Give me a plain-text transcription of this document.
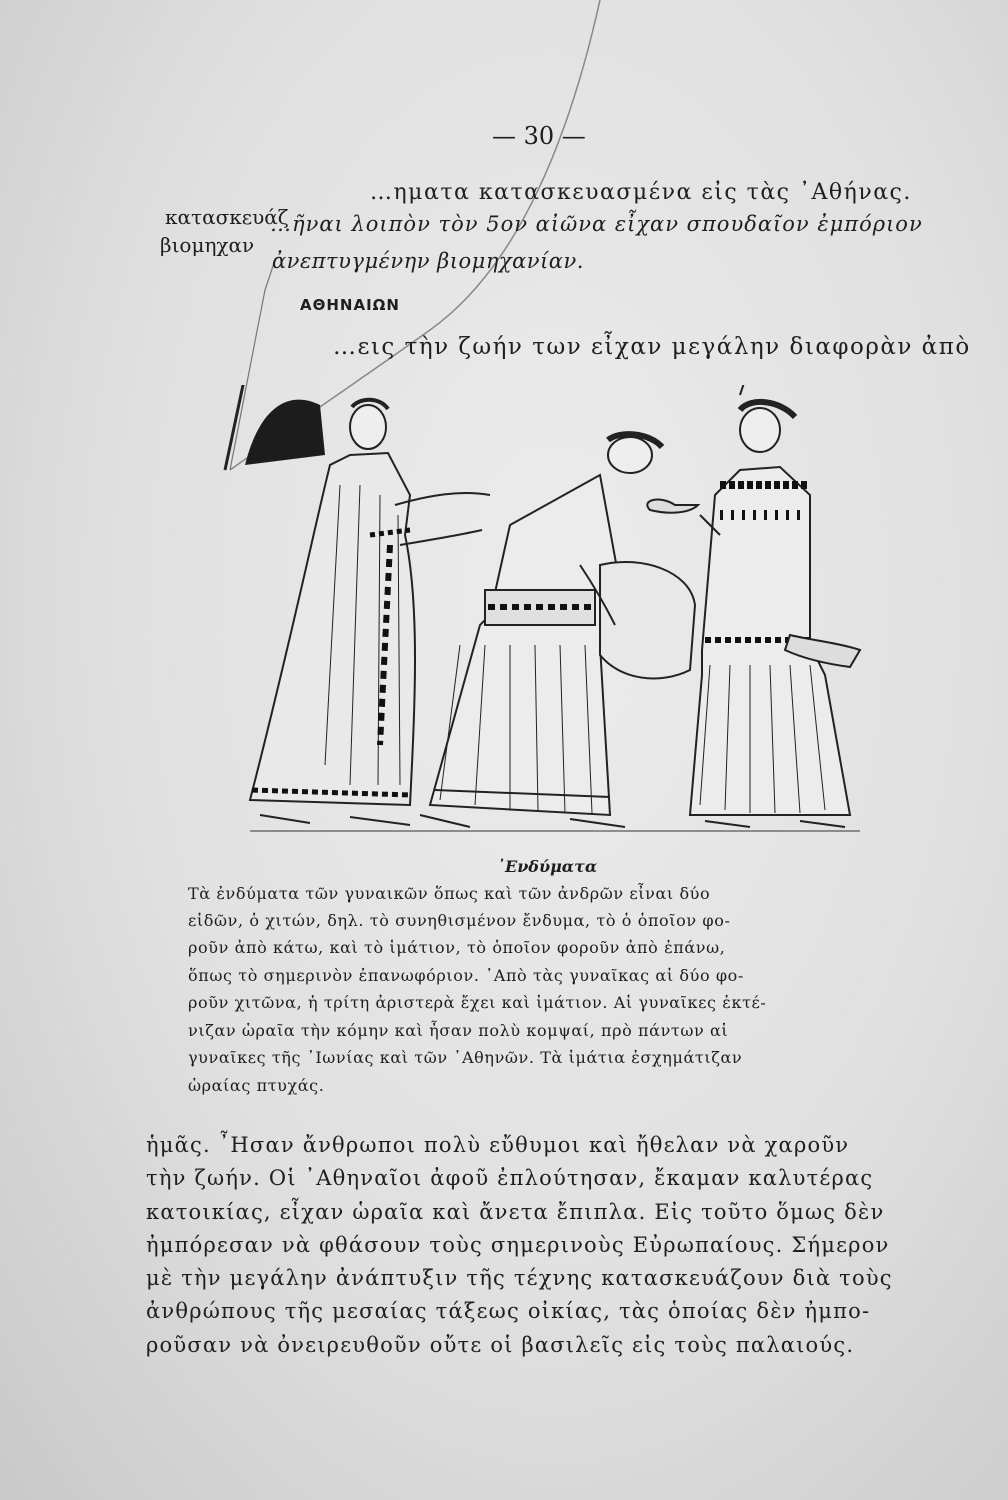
— 30 —
…ηματα κατασκευασμένα εἰς τὰς ᾿Αθήνας.
κατασκευάζ
…ῆναι λοιπὸν τὸν 5ον αἰῶνα εἶχαν σπουδαῖον ἐμπόριον
βιομηχαν
ἀνεπτυγμένην βιομηχανίαν.
ΑΘΗΝΑΙΩΝ
…εις τὴν ζωήν των εἶχαν μεγάλην διαφορὰν ἀπὸ
᾿Ενδύματα
Τὰ ἐνδύματα τῶν γυναικῶν ὅπως καὶ τῶν ἀνδρῶν εἶναι δύο
εἰδῶν, ὁ χιτών, δηλ. τὸ συνηθισμένον ἔνδυμα, τὸ ὁ ὁποῖον φο-
ροῦν ἀπὸ κάτω, καὶ τὸ ἱμάτιον, τὸ ὁποῖον φοροῦν ἀπὸ ἐπάνω,
ὅπως τὸ σημερινὸν ἐπανωφόριον. ᾿Απὸ τὰς γυναῖκας αἱ δύο φο-
ροῦν χιτῶνα, ἡ τρίτη ἀριστερὰ ἔχει καὶ ἱμάτιον. Αἱ γυναῖκες ἐκτέ-
νιζαν ὡραῖα τὴν κόμην καὶ ἦσαν πολὺ κομψαί, πρὸ πάντων αἱ
γυναῖκες τῆς ᾿Ιωνίας καὶ τῶν ᾿Αθηνῶν. Τὰ ἱμάτια ἐσχημάτιζαν
ὡραίας πτυχάς.
ἡμᾶς. ῏Ησαν ἄνθρωποι πολὺ εὔθυμοι καὶ ἤθελαν νὰ χαροῦν
τὴν ζωήν. Οἱ ᾿Αθηναῖοι ἀφοῦ ἐπλούτησαν, ἔκαμαν καλυτέρας
κατοικίας, εἶχαν ὡραῖα καὶ ἄνετα ἔπιπλα. Εἰς τοῦτο ὅμως δὲν
ἠμπόρεσαν νὰ φθάσουν τοὺς σημερινοὺς Εὐρωπαίους. Σήμερον
μὲ τὴν μεγάλην ἀνάπτυξιν τῆς τέχνης κατασκευάζουν διὰ τοὺς
ἀνθρώπους τῆς μεσαίας τάξεως οἰκίας, τὰς ὁποίας δὲν ἠμπο-
ροῦσαν νὰ ὀνειρευθοῦν οὔτε οἱ βασιλεῖς εἰς τοὺς παλαιούς.
